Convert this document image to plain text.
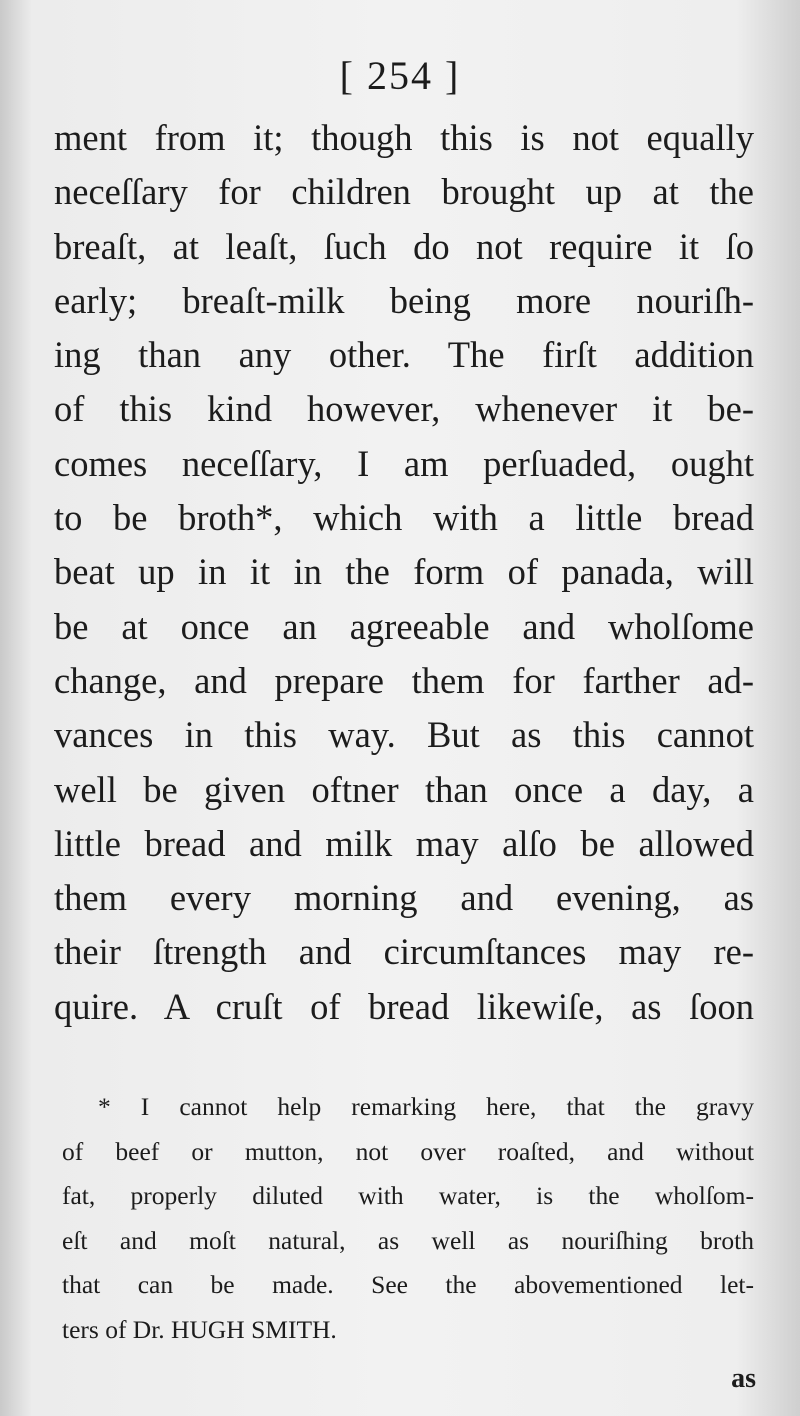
[ 254 ]
ment from it; though this is not equally
neceſſary for children brought up at the
breaſt, at leaſt, ſuch do not require it ſo
early; breaſt-milk being more nouriſh-
ing than any other. The firſt addition
of this kind however, whenever it be-
comes neceſſary, I am perſuaded, ought
to be broth*, which with a little bread
beat up in it in the form of panada, will
be at once an agreeable and wholſome
change, and prepare them for farther ad-
vances in this way. But as this cannot
well be given oftner than once a day, a
little bread and milk may alſo be allowed
them every morning and evening, as
their ſtrength and circumſtances may re-
quire. A cruſt of bread likewiſe, as ſoon
* I cannot help remarking here, that the gravy
of beef or mutton, not over roaſted, and without
fat, properly diluted with water, is the wholſom-
eſt and moſt natural, as well as nouriſhing broth
that can be made. See the abovementioned let-
ters of Dr. HUGH SMITH.
as
